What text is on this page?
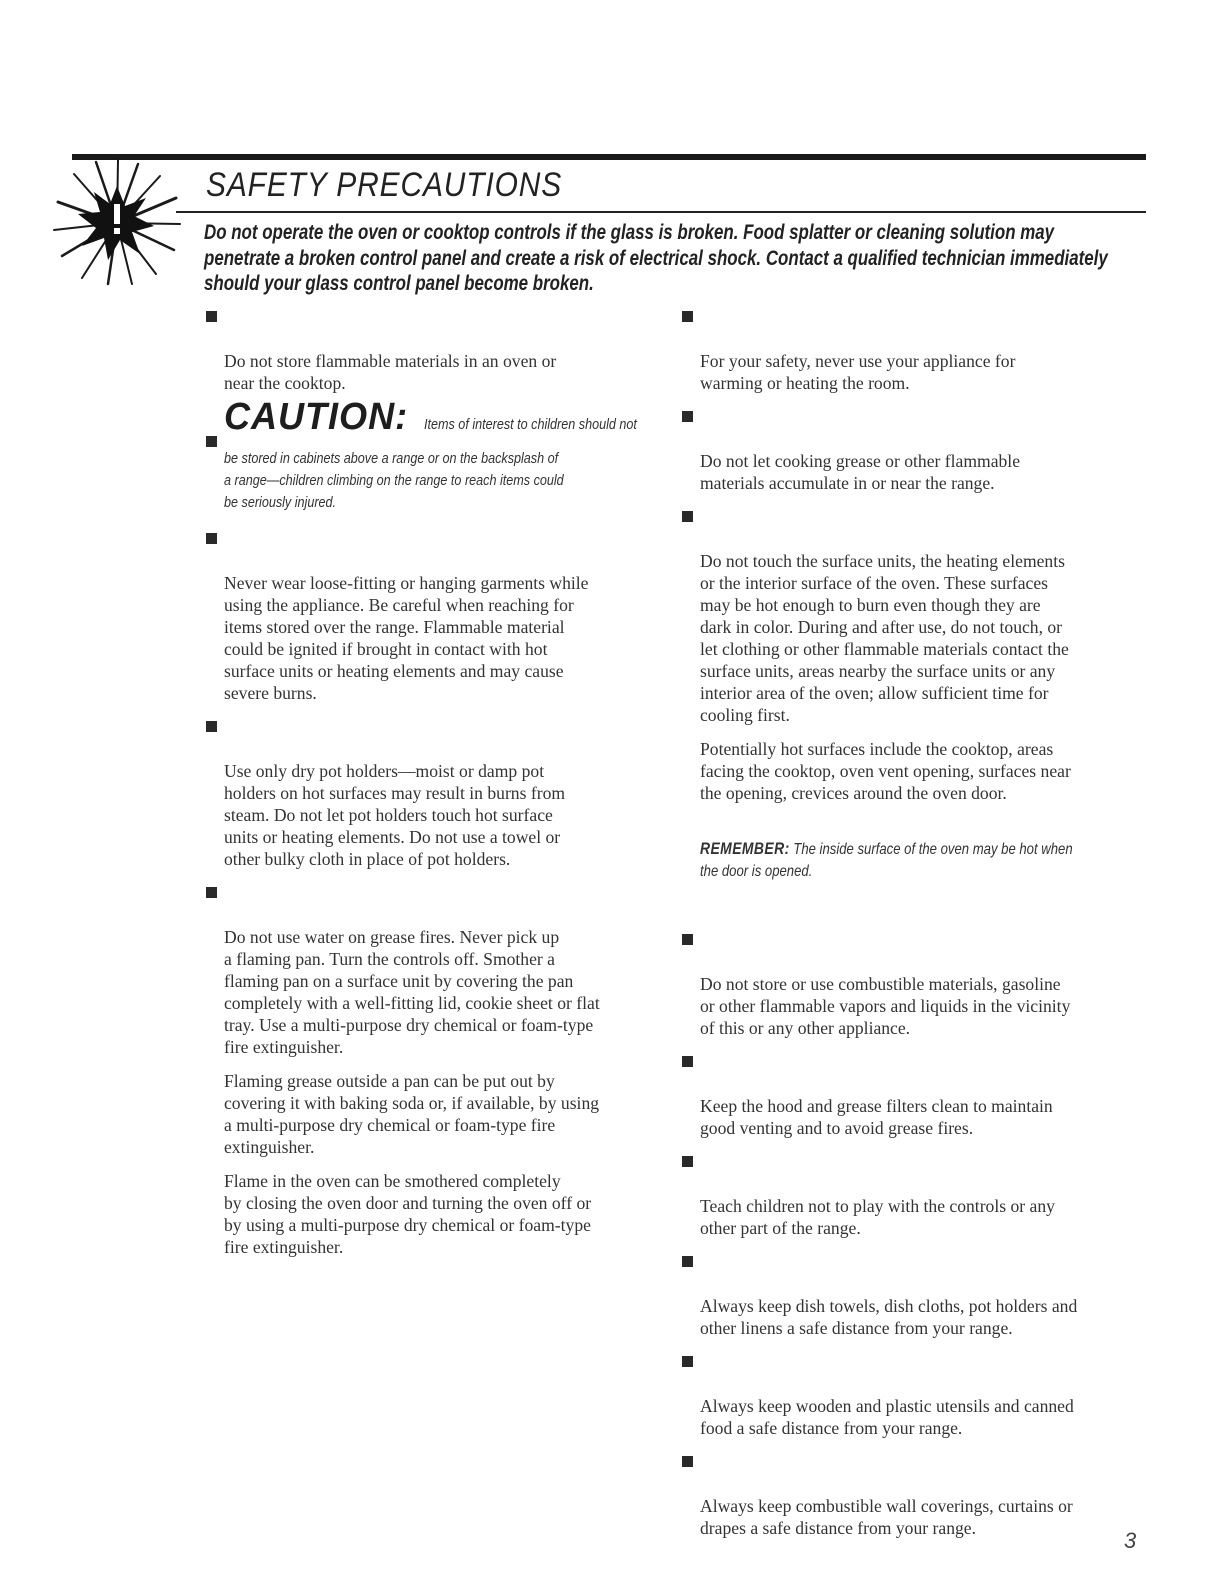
SAFETY PRECAUTIONS
Do not operate the oven or cooktop controls if the glass is broken. Food splatter or cleaning solution may
penetrate a broken control panel and create a risk of electrical shock. Contact a qualified technician immediately
should your glass control panel become broken.

Do not store flammable materials in an oven or
near the cooktop.

CAUTION: Items of interest to children should not
be stored in cabinets above a range or on the backsplash of
a range—children climbing on the range to reach items could
be seriously injured.

Never wear loose-fitting or hanging garments while
using the appliance. Be careful when reaching for
items stored over the range. Flammable material
could be ignited if brought in contact with hot
surface units or heating elements and may cause
severe burns.

Use only dry pot holders—moist or damp pot
holders on hot surfaces may result in burns from
steam. Do not let pot holders touch hot surface
units or heating elements. Do not use a towel or
other bulky cloth in place of pot holders.

Do not use water on grease fires. Never pick up
a flaming pan. Turn the controls off. Smother a
flaming pan on a surface unit by covering the pan
completely with a well-fitting lid, cookie sheet or flat
tray. Use a multi-purpose dry chemical or foam-type
fire extinguisher.

Flaming grease outside a pan can be put out by
covering it with baking soda or, if available, by using
a multi-purpose dry chemical or foam-type fire
extinguisher.
Flame in the oven can be smothered completely
by closing the oven door and turning the oven off or
by using a multi-purpose dry chemical or foam-type
fire extinguisher.

For your safety, never use your appliance for
warming or heating the room.

Do not let cooking grease or other flammable
materials accumulate in or near the range.

Do not touch the surface units, the heating elements
or the interior surface of the oven. These surfaces
may be hot enough to burn even though they are
dark in color. During and after use, do not touch, or
let clothing or other flammable materials contact the
surface units, areas nearby the surface units or any
interior area of the oven; allow sufficient time for
cooling first.

Potentially hot surfaces include the cooktop, areas
facing the cooktop, oven vent opening, surfaces near
the opening, crevices around the oven door.

REMEMBER: The inside surface of the oven may be hot when
the door is opened.

Do not store or use combustible materials, gasoline
or other flammable vapors and liquids in the vicinity
of this or any other appliance.

Keep the hood and grease filters clean to maintain
good venting and to avoid grease fires.

Teach children not to play with the controls or any
other part of the range.

Always keep dish towels, dish cloths, pot holders and
other linens a safe distance from your range.

Always keep wooden and plastic utensils and canned
food a safe distance from your range.

Always keep combustible wall coverings, curtains or
drapes a safe distance from your range.	3
